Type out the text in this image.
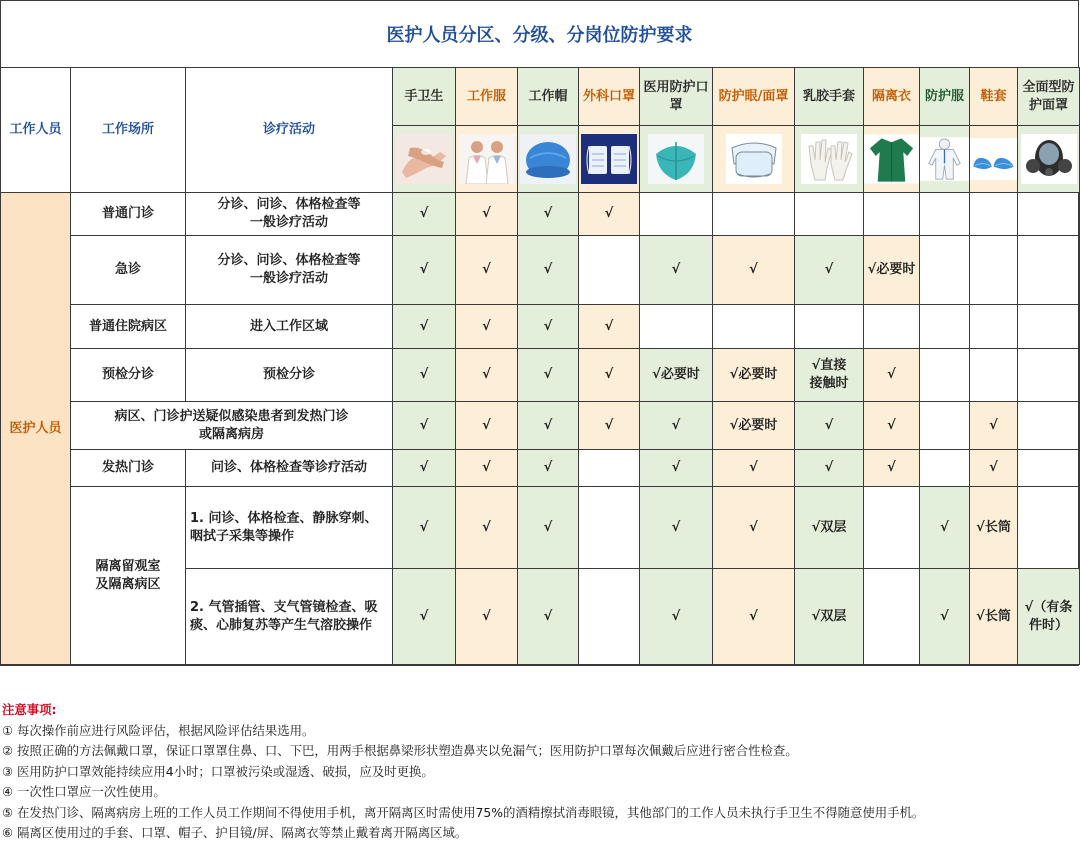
医护人员分区、分级、分岗位防护要求
工作人员	工作场所	诊疗活动	手卫生	工作服	工作帽	外科口罩	医用防护口罩	防护眼/面罩	乳胶手套	隔离衣	防护服	鞋套	全面型防护面罩

医护人员	普通门诊	分诊、问诊、体格检查等
一般诊疗活动	√	√	√	√							
	急诊	分诊、问诊、体格检查等
一般诊疗活动	√	√	√		√	√	√	√必要时			
	普通住院病区	进入工作区域	√	√	√	√							
	预检分诊	预检分诊	√	√	√	√	√必要时	√必要时	√直接
接触时	√			
	病区、门诊护送疑似感染患者到发热门诊
或隔离病房		√	√	√	√	√	√必要时	√	√		√	
	发热门诊	问诊、体格检查等诊疗活动	√	√	√		√	√	√	√		√	
	隔离留观室
及隔离病区	1. 问诊、体格检查、静脉穿刺、
咽拭子采集等操作	√	√	√		√	√	√双层		√	√长筒	
		2. 气管插管、支气管镜检查、吸
痰、心肺复苏等产生气溶胶操作	√	√	√		√	√	√双层		√	√长筒	√（有条
件时）
注意事项:
① 每次操作前应进行风险评估，根据风险评估结果选用。
② 按照正确的方法佩戴口罩，保证口罩罩住鼻、口、下巴，用两手根据鼻梁形状塑造鼻夹以免漏气；医用防护口罩每次佩戴后应进行密合性检查。
③ 医用防护口罩效能持续应用4小时；口罩被污染或湿透、破损，应及时更换。
④ 一次性口罩应一次性使用。
⑤ 在发热门诊、隔离病房上班的工作人员工作期间不得使用手机，离开隔离区时需使用75%的酒精擦拭消毒眼镜，其他部门的工作人员未执行手卫生不得随意使用手机。
⑥ 隔离区使用过的手套、口罩、帽子、护目镜/屏、隔离衣等禁止戴着离开隔离区域。
